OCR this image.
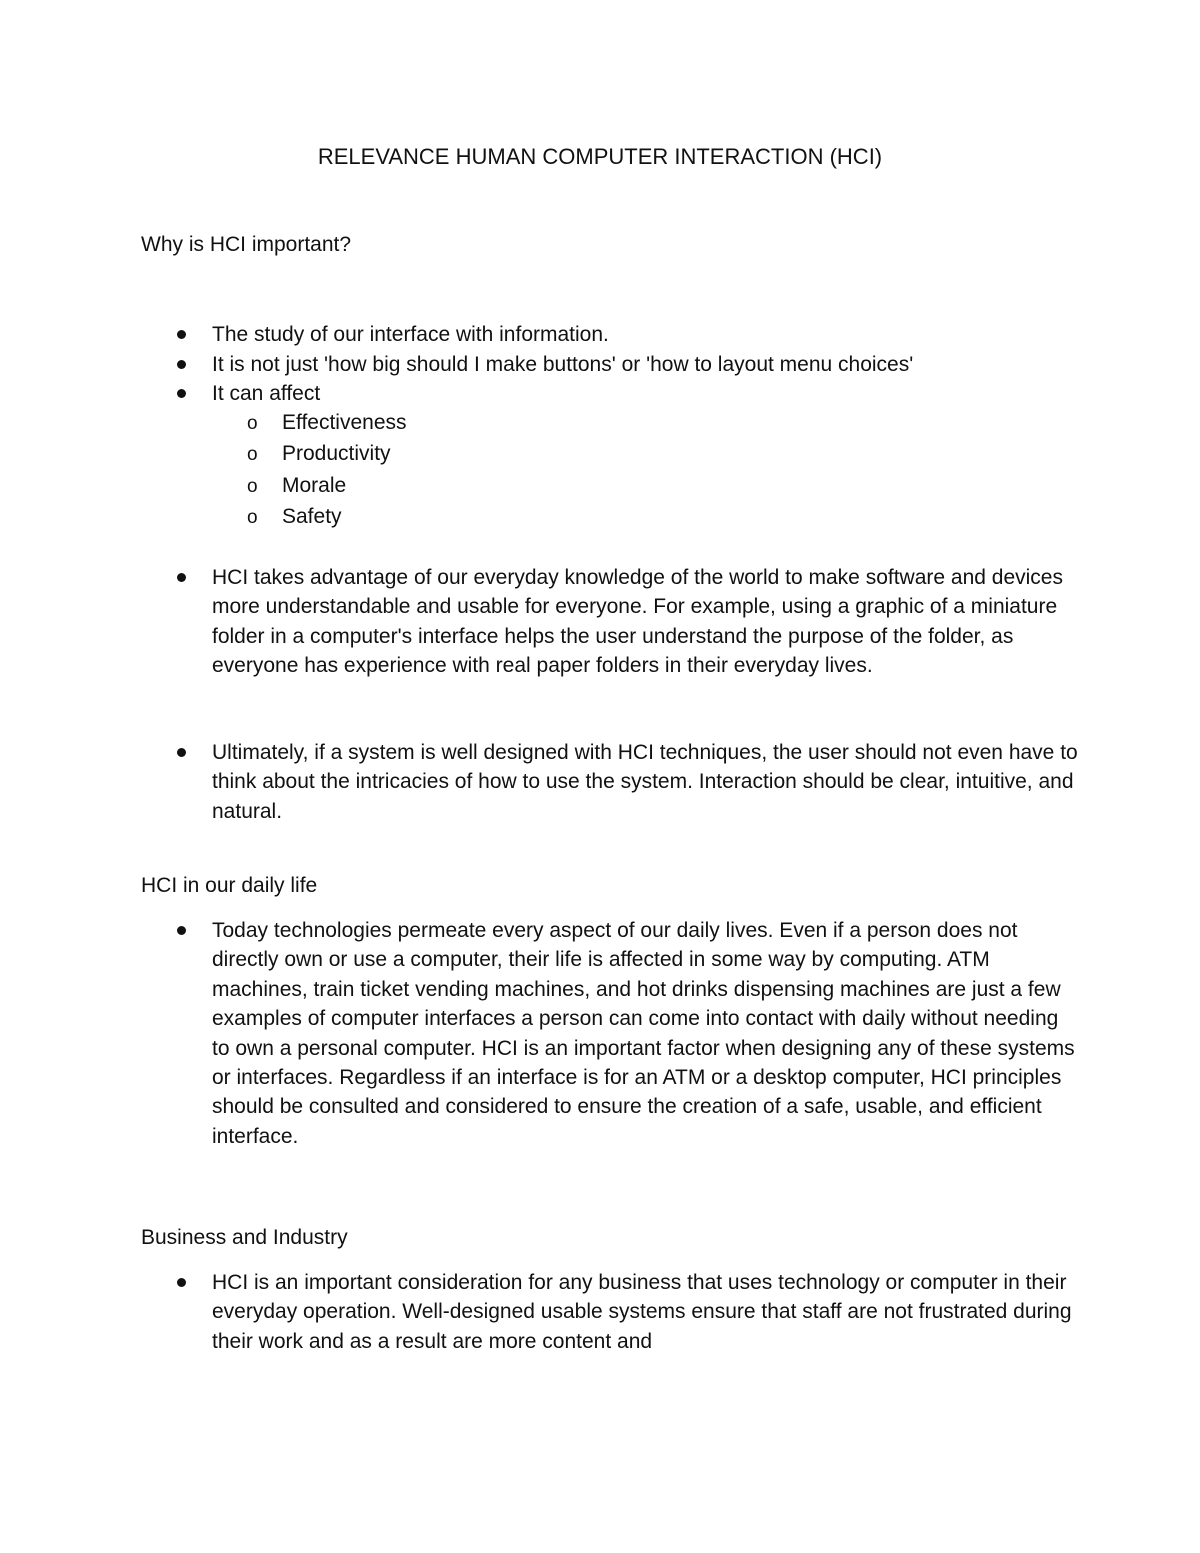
RELEVANCE HUMAN COMPUTER INTERACTION (HCI)
Why is HCI important?
The study of our interface with information.
It is not just 'how big should I make buttons' or 'how to layout menu choices'
It can affect
o Effectiveness
o Productivity
o Morale
o Safety
HCI takes advantage of our everyday knowledge of the world to make software and devices more understandable and usable for everyone. For example, using a graphic of a miniature folder in a computer's interface helps the user understand the purpose of the folder, as everyone has experience with real paper folders in their everyday lives.
Ultimately, if a system is well designed with HCI techniques, the user should not even have to think about the intricacies of how to use the system. Interaction should be clear, intuitive, and natural.
HCI in our daily life
Today technologies permeate every aspect of our daily lives. Even if a person does not directly own or use a computer, their life is affected in some way by computing. ATM machines, train ticket vending machines, and hot drinks dispensing machines are just a few examples of computer interfaces a person can come into contact with daily without needing to own a personal computer. HCI is an important factor when designing any of these systems or interfaces. Regardless if an interface is for an ATM or a desktop computer, HCI principles should be consulted and considered to ensure the creation of a safe, usable, and efficient interface.
Business and Industry
HCI is an important consideration for any business that uses technology or computer in their everyday operation. Well-designed usable systems ensure that staff are not frustrated during their work and as a result are more content and
